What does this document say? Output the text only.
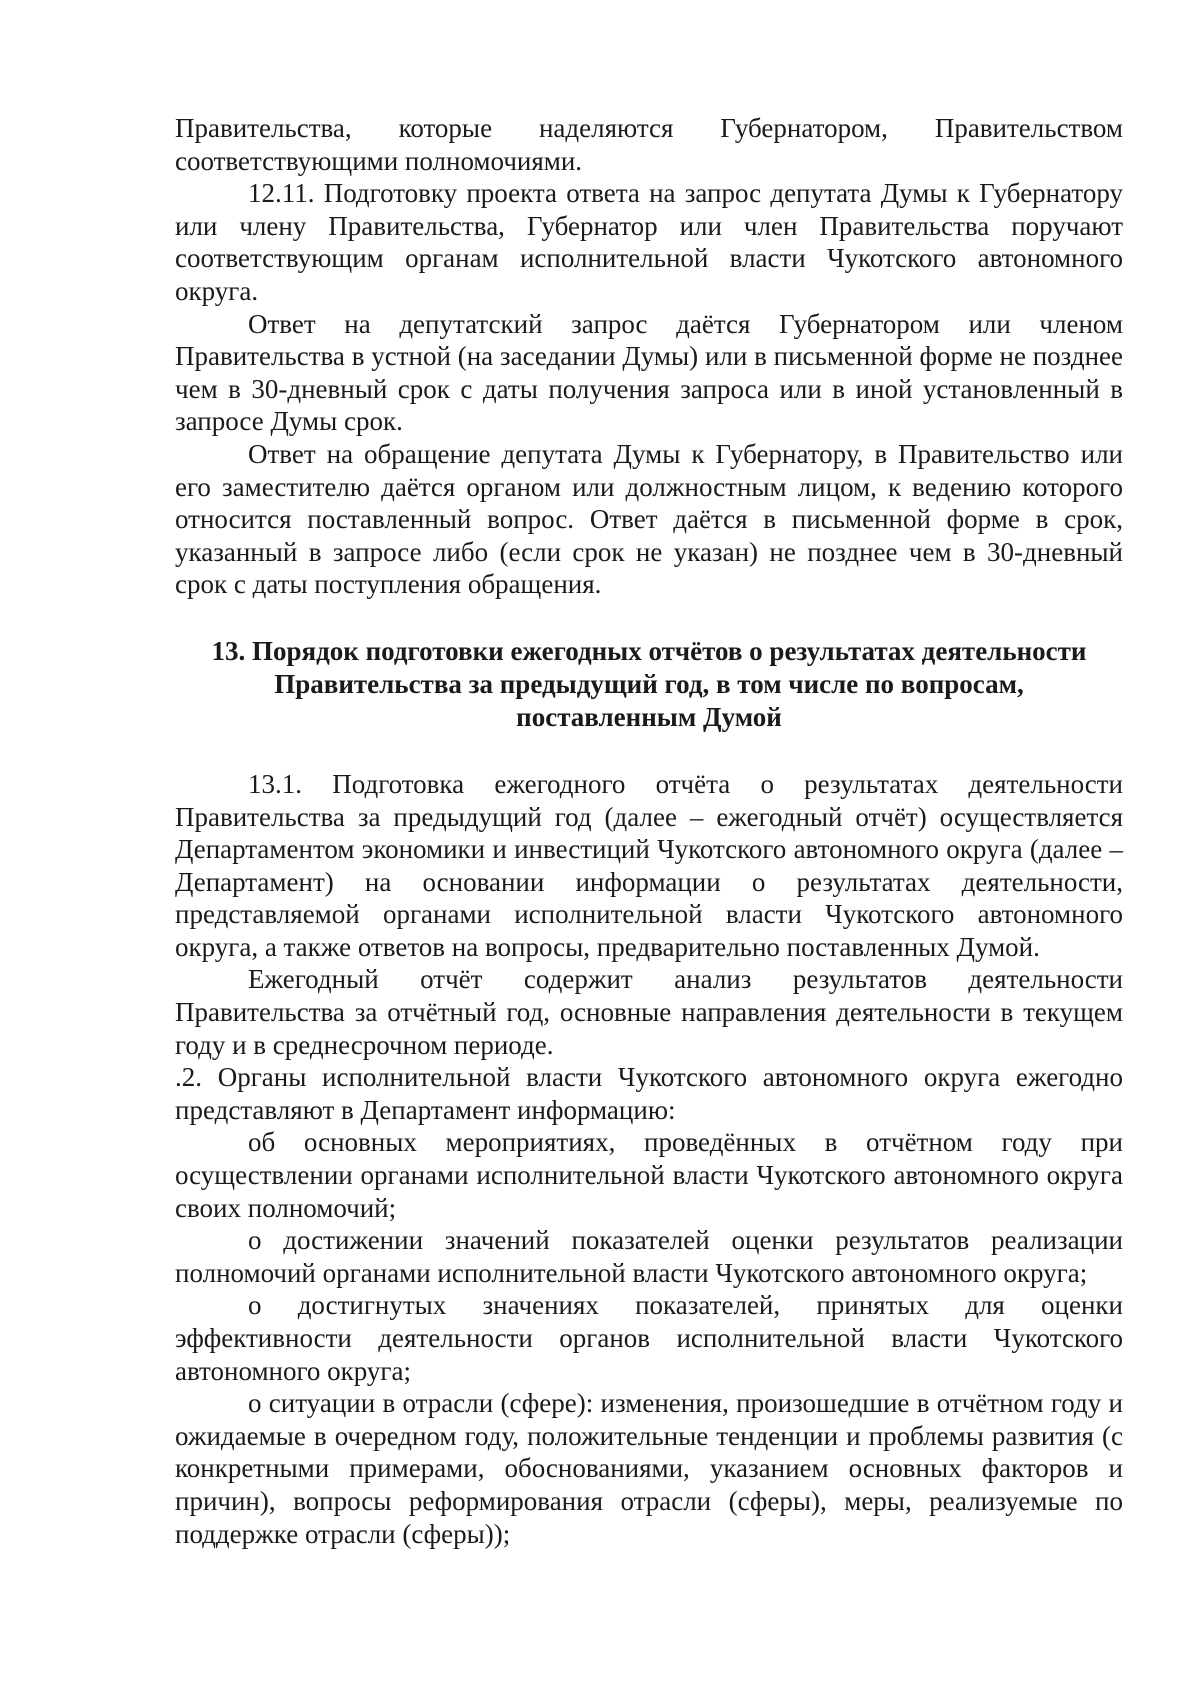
Правительства, которые наделяются Губернатором, Правительством соответствующими полномочиями.

12.11. Подготовку проекта ответа на запрос депутата Думы к Губернатору или члену Правительства, Губернатор или член Правительства поручают соответствующим органам исполнительной власти Чукотского автономного округа.

Ответ на депутатский запрос даётся Губернатором или членом Правительства в устной (на заседании Думы) или в письменной форме не позднее чем в 30-дневный срок с даты получения запроса или в иной установленный в запросе Думы срок.

Ответ на обращение депутата Думы к Губернатору, в Правительство или его заместителю даётся органом или должностным лицом, к ведению которого относится поставленный вопрос. Ответ даётся в письменной форме в срок, указанный в запросе либо (если срок не указан) не позднее чем в 30-дневный срок с даты поступления обращения.

13. Порядок подготовки ежегодных отчётов о результатах деятельности
Правительства за предыдущий год, в том числе по вопросам,
поставленным Думой

13.1. Подготовка ежегодного отчёта о результатах деятельности Правительства за предыдущий год (далее – ежегодный отчёт) осуществляется Департаментом экономики и инвестиций Чукотского автономного округа (далее – Департамент) на основании информации о результатах деятельности, представляемой органами исполнительной власти Чукотского автономного округа, а также ответов на вопросы, предварительно поставленных Думой.

Ежегодный отчёт содержит анализ результатов деятельности Правительства за отчётный год, основные направления деятельности в текущем году и в среднесрочном периоде.

.2. Органы исполнительной власти Чукотского автономного округа ежегодно представляют в Департамент информацию:

об основных мероприятиях, проведённых в отчётном году при осуществлении органами исполнительной власти Чукотского автономного округа своих полномочий;

о достижении значений показателей оценки результатов реализации полномочий органами исполнительной власти Чукотского автономного округа;

о достигнутых значениях показателей, принятых для оценки эффективности деятельности органов исполнительной власти Чукотского автономного округа;

о ситуации в отрасли (сфере): изменения, произошедшие в отчётном году и ожидаемые в очередном году, положительные тенденции и проблемы развития (с конкретными примерами, обоснованиями, указанием основных факторов и причин), вопросы реформирования отрасли (сферы), меры, реализуемые по поддержке отрасли (сферы));
